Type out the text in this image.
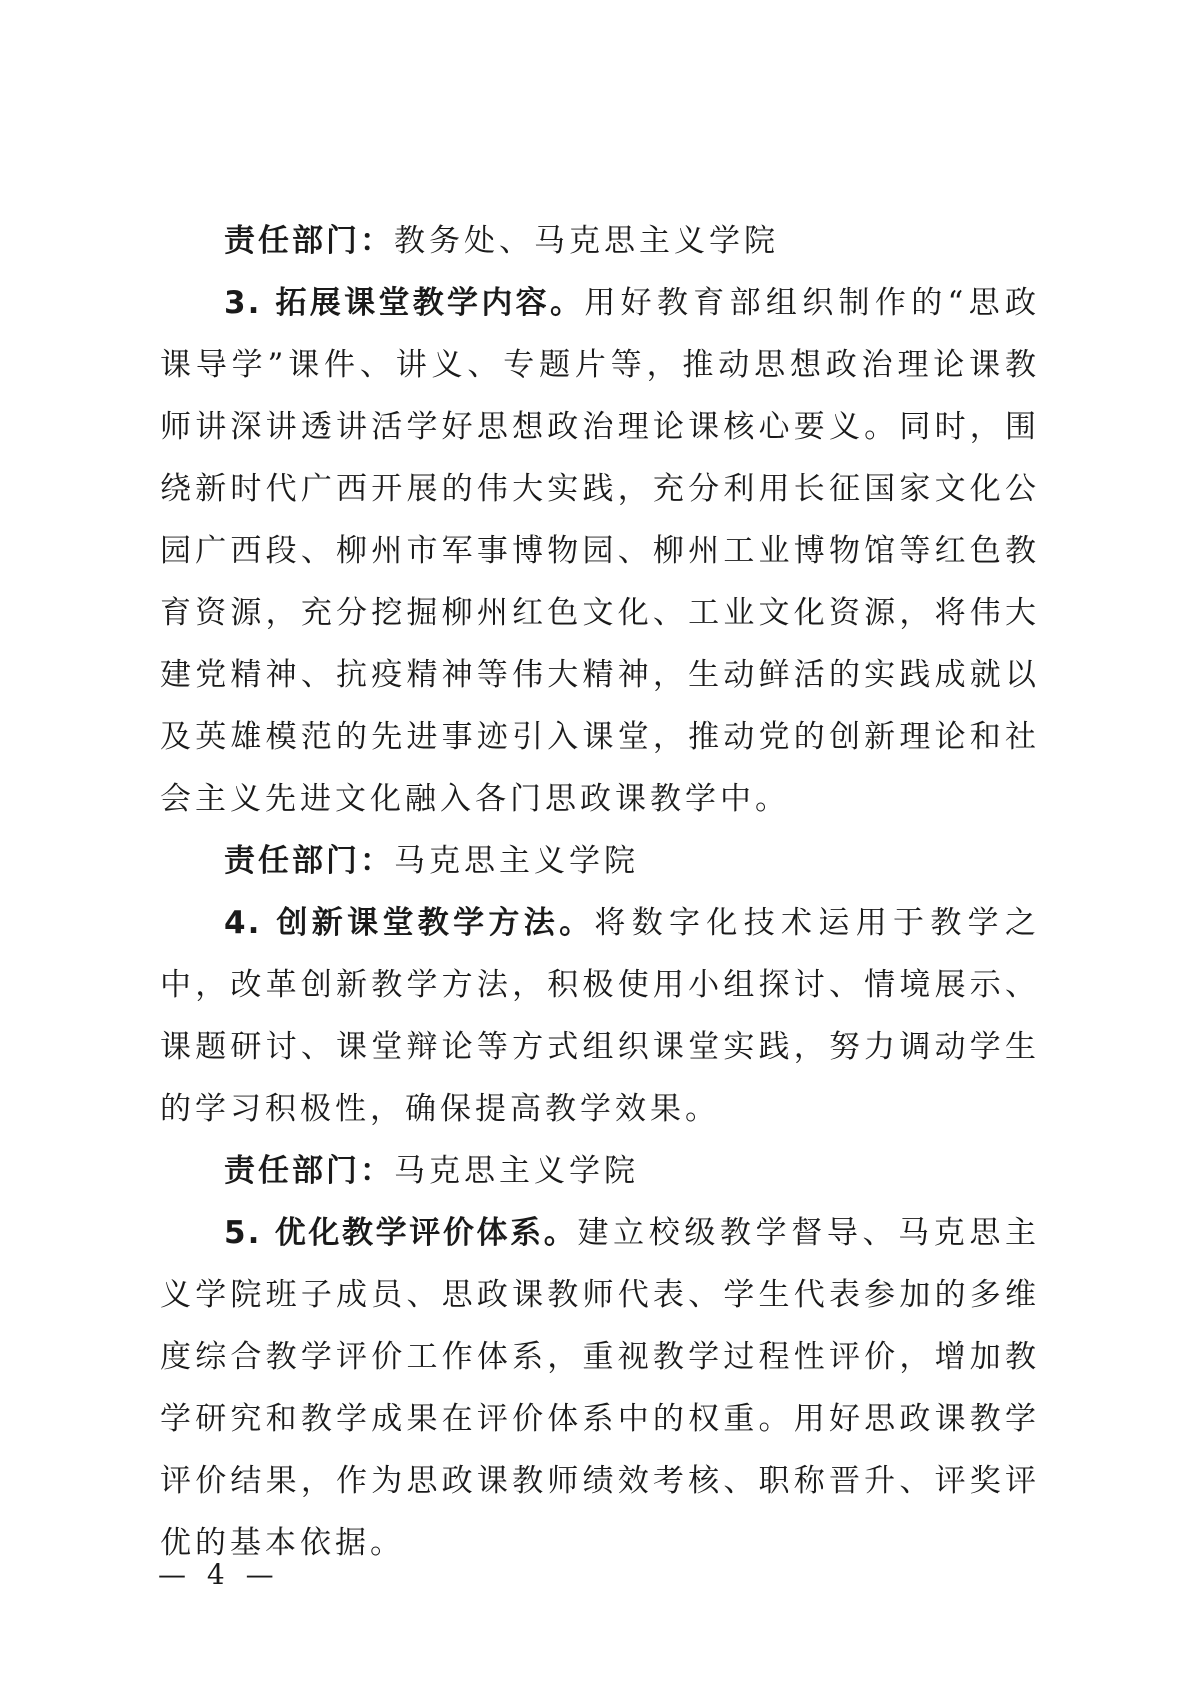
责任部门：教务处、马克思主义学院

3. 拓展课堂教学内容。用好教育部组织制作的“思政课导学”课件、讲义、专题片等，推动思想政治理论课教师讲深讲透讲活学好思想政治理论课核心要义。同时，围绕新时代广西开展的伟大实践，充分利用长征国家文化公园广西段、柳州市军事博物园、柳州工业博物馆等红色教育资源，充分挖掘柳州红色文化、工业文化资源，将伟大建党精神、抗疫精神等伟大精神，生动鲜活的实践成就以及英雄模范的先进事迹引入课堂，推动党的创新理论和社会主义先进文化融入各门思政课教学中。

责任部门：马克思主义学院

4. 创新课堂教学方法。将数字化技术运用于教学之中，改革创新教学方法，积极使用小组探讨、情境展示、课题研讨、课堂辩论等方式组织课堂实践，努力调动学生的学习积极性，确保提高教学效果。

责任部门：马克思主义学院

5. 优化教学评价体系。建立校级教学督导、马克思主义学院班子成员、思政课教师代表、学生代表参加的多维度综合教学评价工作体系，重视教学过程性评价，增加教学研究和教学成果在评价体系中的权重。用好思政课教学评价结果，作为思政课教师绩效考核、职称晋升、评奖评优的基本依据。

— 4 —
